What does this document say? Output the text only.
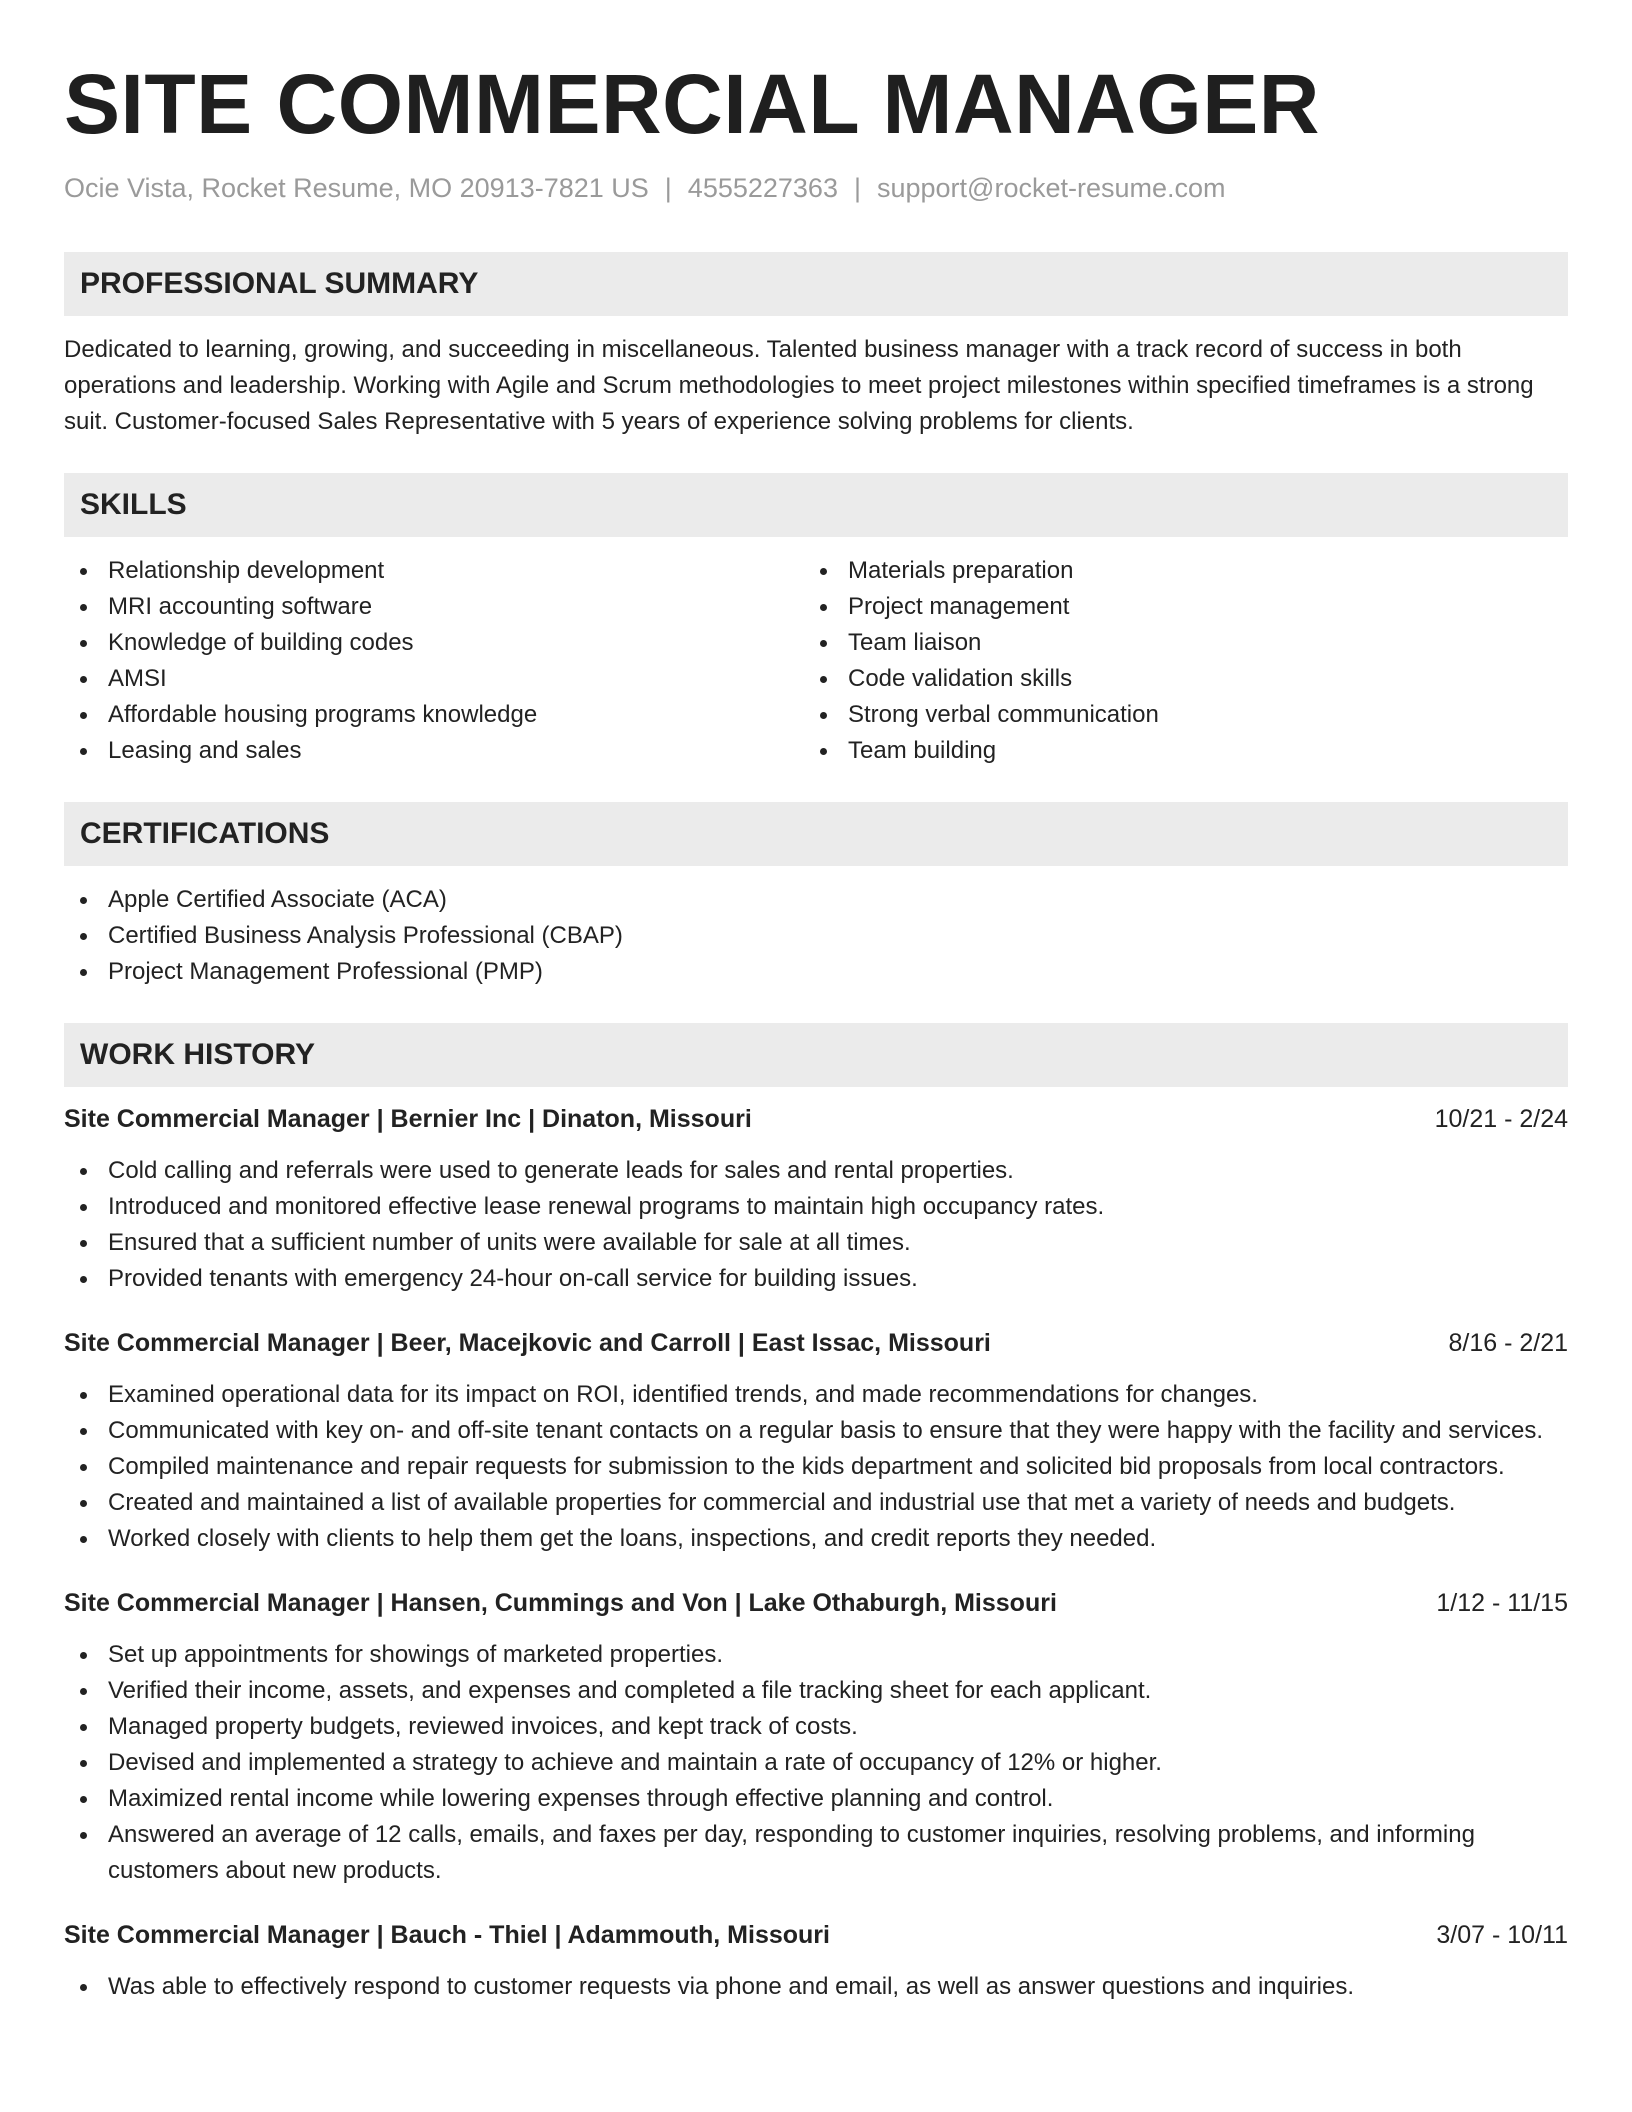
SITE COMMERCIAL MANAGER
Ocie Vista, Rocket Resume, MO 20913-7821 US | 4555227363 | support@rocket-resume.com
PROFESSIONAL SUMMARY
Dedicated to learning, growing, and succeeding in miscellaneous. Talented business manager with a track record of success in both operations and leadership. Working with Agile and Scrum methodologies to meet project milestones within specified timeframes is a strong suit. Customer-focused Sales Representative with 5 years of experience solving problems for clients.
SKILLS
Relationship development
MRI accounting software
Knowledge of building codes
AMSI
Affordable housing programs knowledge
Leasing and sales
Materials preparation
Project management
Team liaison
Code validation skills
Strong verbal communication
Team building
CERTIFICATIONS
Apple Certified Associate (ACA)
Certified Business Analysis Professional (CBAP)
Project Management Professional (PMP)
WORK HISTORY
Site Commercial Manager | Bernier Inc | Dinaton, Missouri	10/21 - 2/24
Cold calling and referrals were used to generate leads for sales and rental properties.
Introduced and monitored effective lease renewal programs to maintain high occupancy rates.
Ensured that a sufficient number of units were available for sale at all times.
Provided tenants with emergency 24-hour on-call service for building issues.
Site Commercial Manager | Beer, Macejkovic and Carroll | East Issac, Missouri	8/16 - 2/21
Examined operational data for its impact on ROI, identified trends, and made recommendations for changes.
Communicated with key on- and off-site tenant contacts on a regular basis to ensure that they were happy with the facility and services.
Compiled maintenance and repair requests for submission to the kids department and solicited bid proposals from local contractors.
Created and maintained a list of available properties for commercial and industrial use that met a variety of needs and budgets.
Worked closely with clients to help them get the loans, inspections, and credit reports they needed.
Site Commercial Manager | Hansen, Cummings and Von | Lake Othaburgh, Missouri	1/12 - 11/15
Set up appointments for showings of marketed properties.
Verified their income, assets, and expenses and completed a file tracking sheet for each applicant.
Managed property budgets, reviewed invoices, and kept track of costs.
Devised and implemented a strategy to achieve and maintain a rate of occupancy of 12% or higher.
Maximized rental income while lowering expenses through effective planning and control.
Answered an average of 12 calls, emails, and faxes per day, responding to customer inquiries, resolving problems, and informing customers about new products.
Site Commercial Manager | Bauch - Thiel | Adammouth, Missouri	3/07 - 10/11
Was able to effectively respond to customer requests via phone and email, as well as answer questions and inquiries.
